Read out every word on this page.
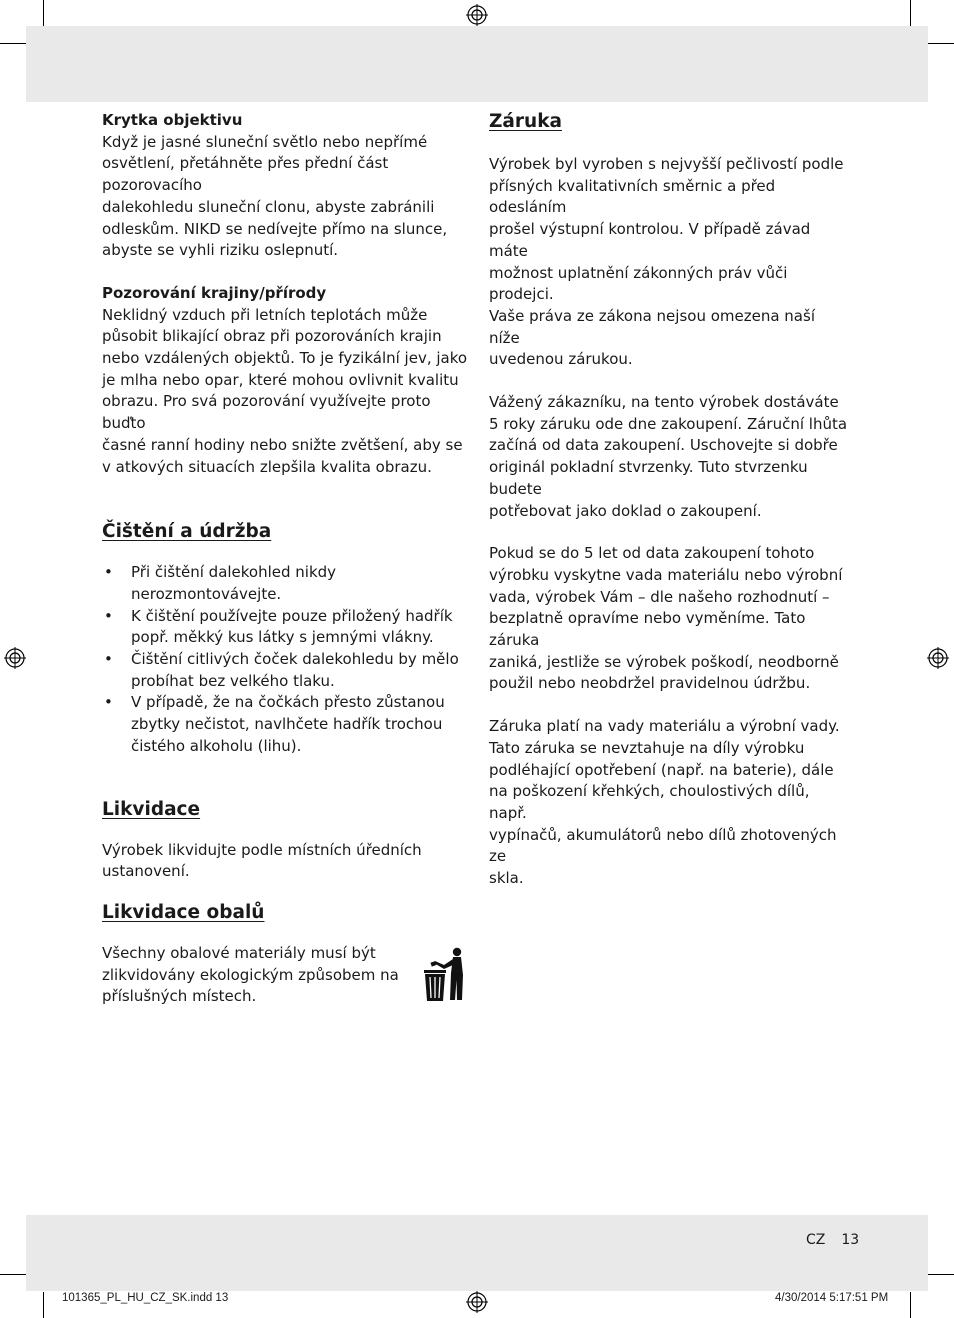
Krytka objektivu

Když je jasné sluneční světlo nebo nepřímé
osvětlení, přetáhněte přes přední část pozorovacího
dalekohledu sluneční clonu, abyste zabránili
odleskům. NIKD se nedívejte přímo na slunce,
abyste se vyhli riziku oslepnutí.

Pozorování krajiny/přírody

Neklidný vzduch při letních teplotách může
působit blikající obraz při pozorováních krajin
nebo vzdálených objektů. To je fyzikální jev, jako
je mlha nebo opar, které mohou ovlivnit kvalitu
obrazu. Pro svá pozorování využívejte proto buďto
časné ranní hodiny nebo snižte zvětšení, aby se
v atkových situacích zlepšila kvalita obrazu.

Čištění a údržba
• Při čištění dalekohled nikdy nerozmontovávejte.
• K čištění používejte pouze přiložený hadřík
popř. měkký kus látky s jemnými vlákny.
• Čištění citlivých čoček dalekohledu by mělo
probíhat bez velkého tlaku.
• V případě, že na čočkách přesto zůstanou
zbytky nečistot, navlhčete hadřík trochou
čistého alkoholu (lihu).
Likvidace

Výrobek likvidujte podle místních úředních
ustanovení.

Likvidace obalů

Všechny obalové materiály musí být
zlikvidovány ekologickým způsobem na
příslušných místech.

Záruka

Výrobek byl vyroben s nejvyšší pečlivostí podle
přísných kvalitativních směrnic a před odesláním
prošel výstupní kontrolou. V případě závad máte
možnost uplatnění zákonných práv vůči prodejci.
Vaše práva ze zákona nejsou omezena naší níže
uvedenou zárukou.

Vážený zákazníku, na tento výrobek dostáváte
5 roky záruku ode dne zakoupení. Záruční lhůta
začíná od data zakoupení. Uschovejte si dobře
originál pokladní stvrzenky. Tuto stvrzenku budete
potřebovat jako doklad o zakoupení.

Pokud se do 5 let od data zakoupení tohoto
výrobku vyskytne vada materiálu nebo výrobní
vada, výrobek Vám – dle našeho rozhodnutí –
bezplatně opravíme nebo vyměníme. Tato záruka
zaniká, jestliže se výrobek poškodí, neodborně
použil nebo neobdržel pravidelnou údržbu.

Záruka platí na vady materiálu a výrobní vady.
Tato záruka se nevztahuje na díly výrobku
podléhající opotřebení (např. na baterie), dále
na poškození křehkých, choulostivých dílů, např.
vypínačů, akumulátorů nebo dílů zhotovených ze
skla.

CZ 13
101365_PL_HU_CZ_SK.indd 13	4/30/2014 5:17:51 PM
